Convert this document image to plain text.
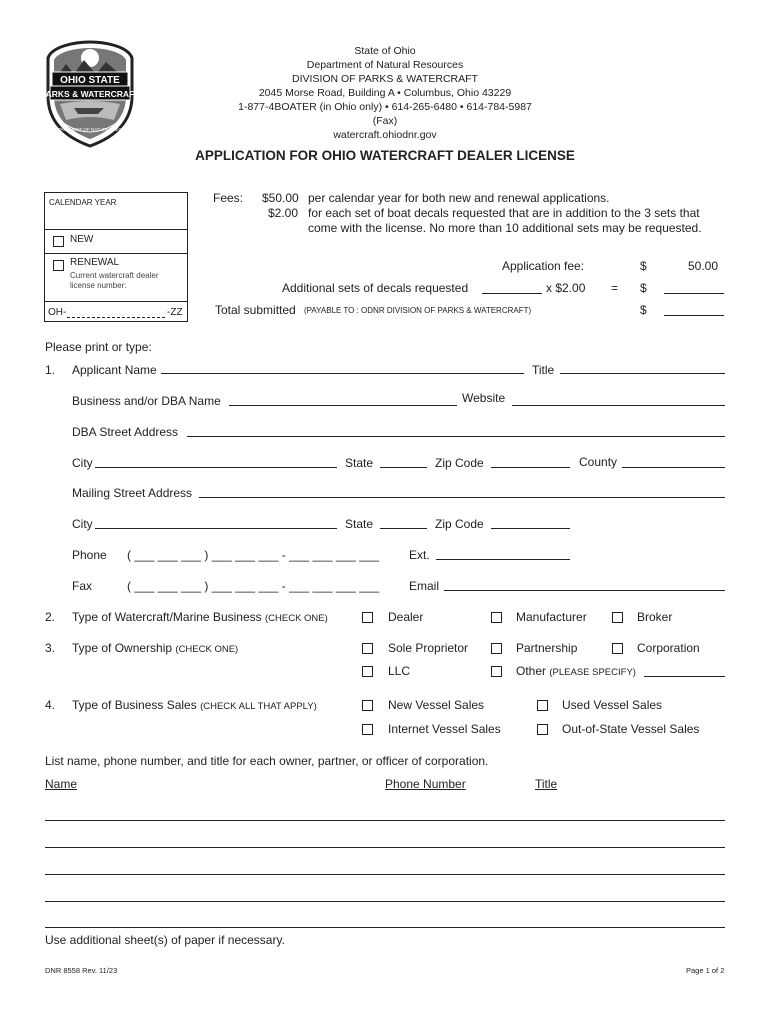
OHIO STATE
PARKS & WATERCRAFT
OHIO DEPARTMENT OF NATURAL RESOURCES
State of Ohio
Department of Natural Resources
DIVISION OF PARKS & WATERCRAFT
2045 Morse Road, Building A • Columbus, Ohio 43229
1-877-4BOATER (in Ohio only) • 614-265-6480 • 614-784-5987 (Fax)
watercraft.ohiodnr.gov
APPLICATION FOR OHIO WATERCRAFT DEALER LICENSE
CALENDAR YEAR
NEW
RENEWAL
Current watercraft dealer
license number:
OH-	-ZZ
Fees: $50.00 per calendar year for both new and renewal applications.
$2.00 for each set of boat decals requested that are in addition to the 3 sets that
come with the license. No more than 10 additional sets may be requested.
Application fee:	$	50.00
Additional sets of decals requested	x $2.00 = $
Total submitted (PAYABLE TO : ODNR DIVISION OF PARKS & WATERCRAFT)	$
Please print or type:
1. Applicant Name	Title
Business and/or DBA Name	Website
DBA Street Address
City	State	Zip Code	County
Mailing Street Address
City	State	Zip Code
Phone ( ___ ___ ___ ) ___ ___ ___ - ___ ___ ___ ___ Ext.
Fax	( ___ ___ ___ ) ___ ___ ___ - ___ ___ ___ ___ Email
2. Type of Watercraft/Marine Business (CHECK ONE)	Dealer	Manufacturer	Broker
3. Type of Ownership (CHECK ONE)	Sole Proprietor	Partnership	Corporation
LLC	Other (PLEASE SPECIFY)
4. Type of Business Sales (CHECK ALL THAT APPLY)	New Vessel Sales	Used Vessel Sales
Internet Vessel Sales	Out-of-State Vessel Sales
List name, phone number, and title for each owner, partner, or officer of corporation.
Name	Phone Number	Title
Use additional sheet(s) of paper if necessary.
DNR 8558 Rev. 11/23	Page 1 of 2
